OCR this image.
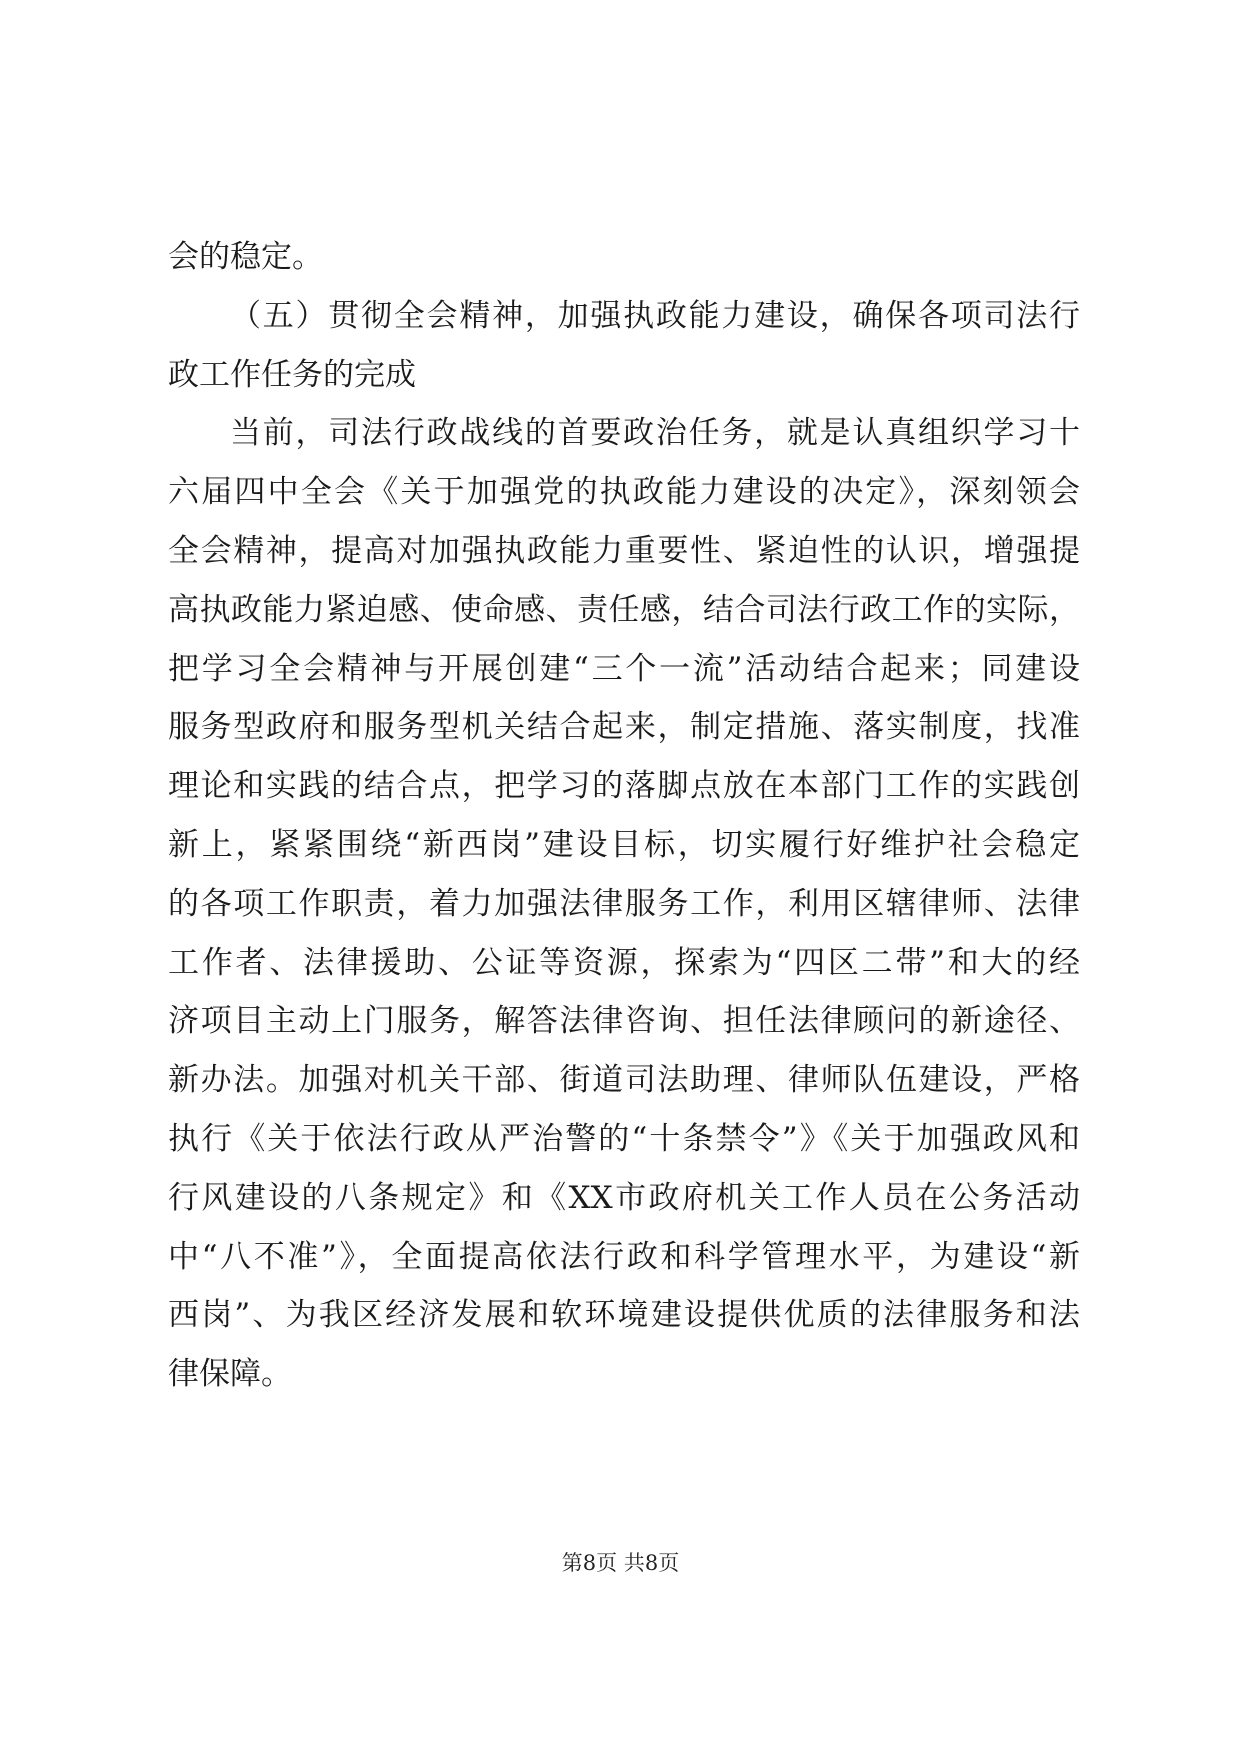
会的稳定。
（五）贯彻全会精神，加强执政能力建设，确保各项司法行
政工作任务的完成
当前，司法行政战线的首要政治任务，就是认真组织学习十
六届四中全会《关于加强党的执政能力建设的决定》，深刻领会
全会精神，提高对加强执政能力重要性、紧迫性的认识，增强提
高执政能力紧迫感、使命感、责任感，结合司法行政工作的实际，
把学习全会精神与开展创建“三个一流”活动结合起来；同建设
服务型政府和服务型机关结合起来，制定措施、落实制度，找准
理论和实践的结合点，把学习的落脚点放在本部门工作的实践创
新上，紧紧围绕“新西岗”建设目标，切实履行好维护社会稳定
的各项工作职责，着力加强法律服务工作，利用区辖律师、法律
工作者、法律援助、公证等资源，探索为“四区二带”和大的经
济项目主动上门服务，解答法律咨询、担任法律顾问的新途径、
新办法。加强对机关干部、街道司法助理、律师队伍建设，严格
执行《关于依法行政从严治警的“十条禁令”》《关于加强政风和
行风建设的八条规定》和《XX市政府机关工作人员在公务活动
中“八不准”》，全面提高依法行政和科学管理水平，为建设“新
西岗”、为我区经济发展和软环境建设提供优质的法律服务和法
律保障。
第8页 共8页
